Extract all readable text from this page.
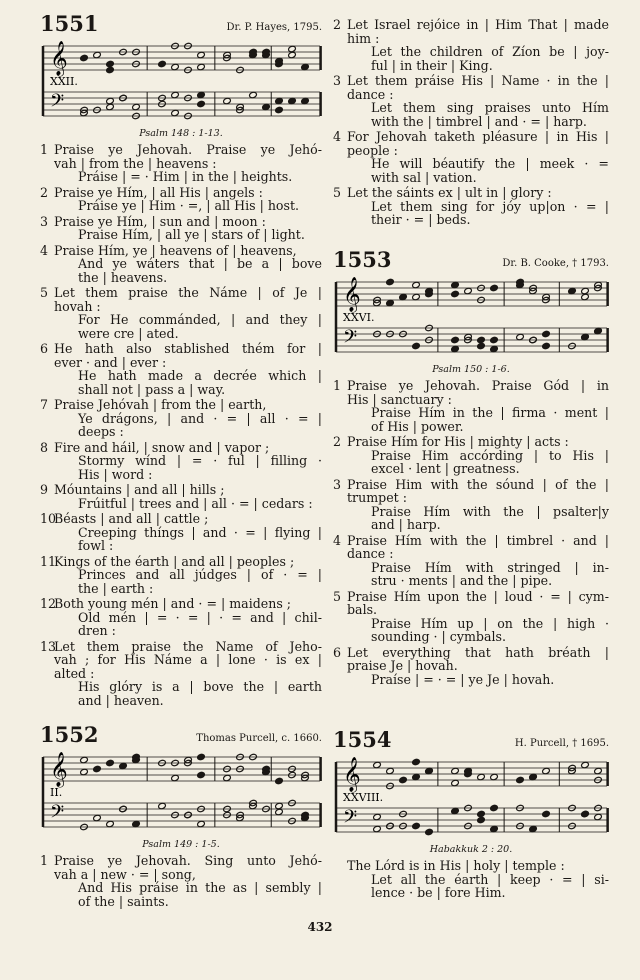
1551	Dr. P. Hayes, 1795.
𝄞
𝄢
XXII.
Psalm 148 : 1-13.
1 Praise ye Jehovah. Praise ye Jehó-
vah | from the | heavens :
Práise | = · Him | in the | heights.
2 Praise ye Hím, | all His | angels :
Práise ye | Him · =, | all His | host.
3 Praise ye Hím, | sun and | moon :
Praise Hím, | all ye | stars of | light.
4 Praise Hím, ye | heavens of | heavens,
And ye wáters that | be a | bove
the | heavens.
5 Let them praise the Náme | of Je |
hovah :
For He commánded, | and they |
were cre | ated.
6 He hath also stablished thém for |
ever · and | ever :
He hath made a decrée which |
shall not | pass a | way.
7 Praise Jehóvah | from the | earth,
Ye drágons, | and · = | all · = |
deeps :
8 Fire and háil, | snow and | vapor ;
Stormy wínd | = · ful | filling ·
His | word :
9 Móuntains | and all | hills ;
Frúitful | trees and | all · = | cedars :
10Béasts | and all | cattle ;
Creeping thíngs | and · = | flying |
fowl :
11Kings of the éarth | and all | peoples ;
Princes and all júdges | of · = |
the | earth :
12Both young mén | and · = | maidens ;
Old mén | = · = | · = and | chil-
dren :
13Let them praise the Name of Jeho-
vah ; for His Náme a | lone · is ex |
alted :
His glóry is a | bove the | earth
and | heaven.
1552	Thomas Purcell, c. 1660.
𝄞
𝄢
II.
Psalm 149 : 1-5.
1 Praise ye Jehovah. Sing unto Jehó-
vah a | new · = | song,
And His práise in the as | sembly |
of the | saints.
2 Let Israel rejóice in | Him That | made
him :
Let the children of Zíon be | joy-
ful | in their | King.
3 Let them práise His | Name · in the |
dance :
Let them sing praises unto Hím
with the | timbrel | and · = | harp.
4 For Jehovah taketh pléasure | in His |
people :
He will béautify the | meek · =
with sal | vation.
5 Let the sáints ex | ult in | glory :
Let them sing for jóy up|on · = |
their · = | beds.
1553	Dr. B. Cooke, † 1793.
𝄞
𝄢
XXVI.
Psalm 150 : 1-6.
1 Praise ye Jehovah. Praise Gód | in
His | sanctuary :
Praise Hím in the | firma · ment |
of His | power.
2 Praise Hím for His | mighty | acts :
Praise Him accórding | to His |
excel · lent | greatness.
3 Praise Him with the sóund | of the |
trumpet :
Praise Hím with the | psalter|y
and | harp.
4 Praise Hím with the | timbrel · and |
dance :
Praise Hím with stringed | in-
stru · ments | and the | pipe.
5 Praise Hím upon the | loud · = | cym-
bals.
Praise Hím up | on the | high ·
sounding · | cymbals.
6 Let everything that hath bréath |
praise Je | hovah.
Praíse | = · = | ye Je | hovah.
1554	H. Purcell, † 1695.
𝄞
𝄢
XXVIII.
Habakkuk 2 : 20.
The Lórd is in His | holy | temple :
Let all the éarth | keep · = | si-
lence · be | fore Him.
432
